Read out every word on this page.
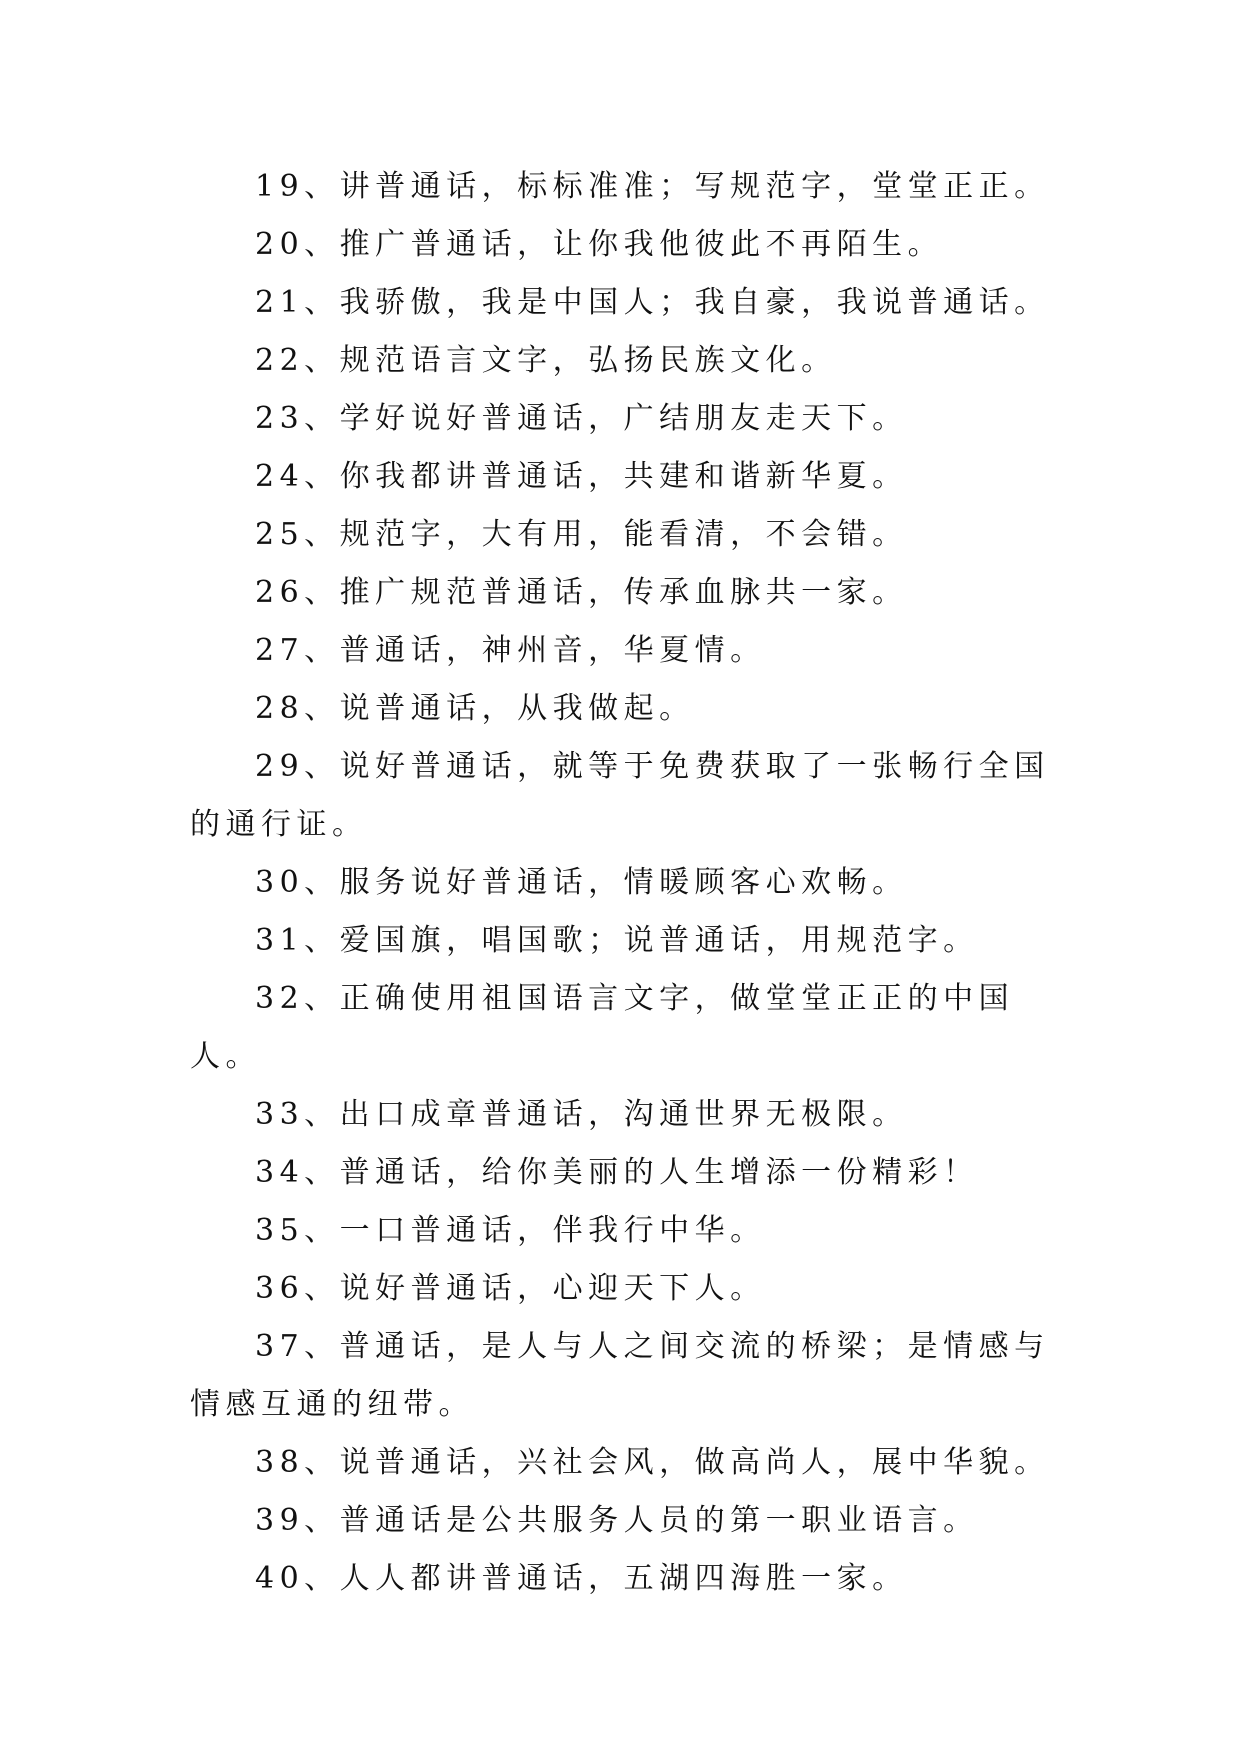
19、讲普通话，标标准准；写规范字，堂堂正正。

20、推广普通话，让你我他彼此不再陌生。

21、我骄傲，我是中国人；我自豪，我说普通话。

22、规范语言文字，弘扬民族文化。

23、学好说好普通话，广结朋友走天下。

24、你我都讲普通话，共建和谐新华夏。

25、规范字，大有用，能看清，不会错。

26、推广规范普通话，传承血脉共一家。

27、普通话，神州音，华夏情。

28、说普通话，从我做起。

29、说好普通话，就等于免费获取了一张畅行全国的通行证。

30、服务说好普通话，情暖顾客心欢畅。

31、爱国旗，唱国歌；说普通话，用规范字。

32、正确使用祖国语言文字，做堂堂正正的中国人。

33、出口成章普通话，沟通世界无极限。

34、普通话，给你美丽的人生增添一份精彩！

35、一口普通话，伴我行中华。

36、说好普通话，心迎天下人。

37、普通话，是人与人之间交流的桥梁；是情感与情感互通的纽带。

38、说普通话，兴社会风，做高尚人，展中华貌。

39、普通话是公共服务人员的第一职业语言。

40、人人都讲普通话，五湖四海胜一家。
